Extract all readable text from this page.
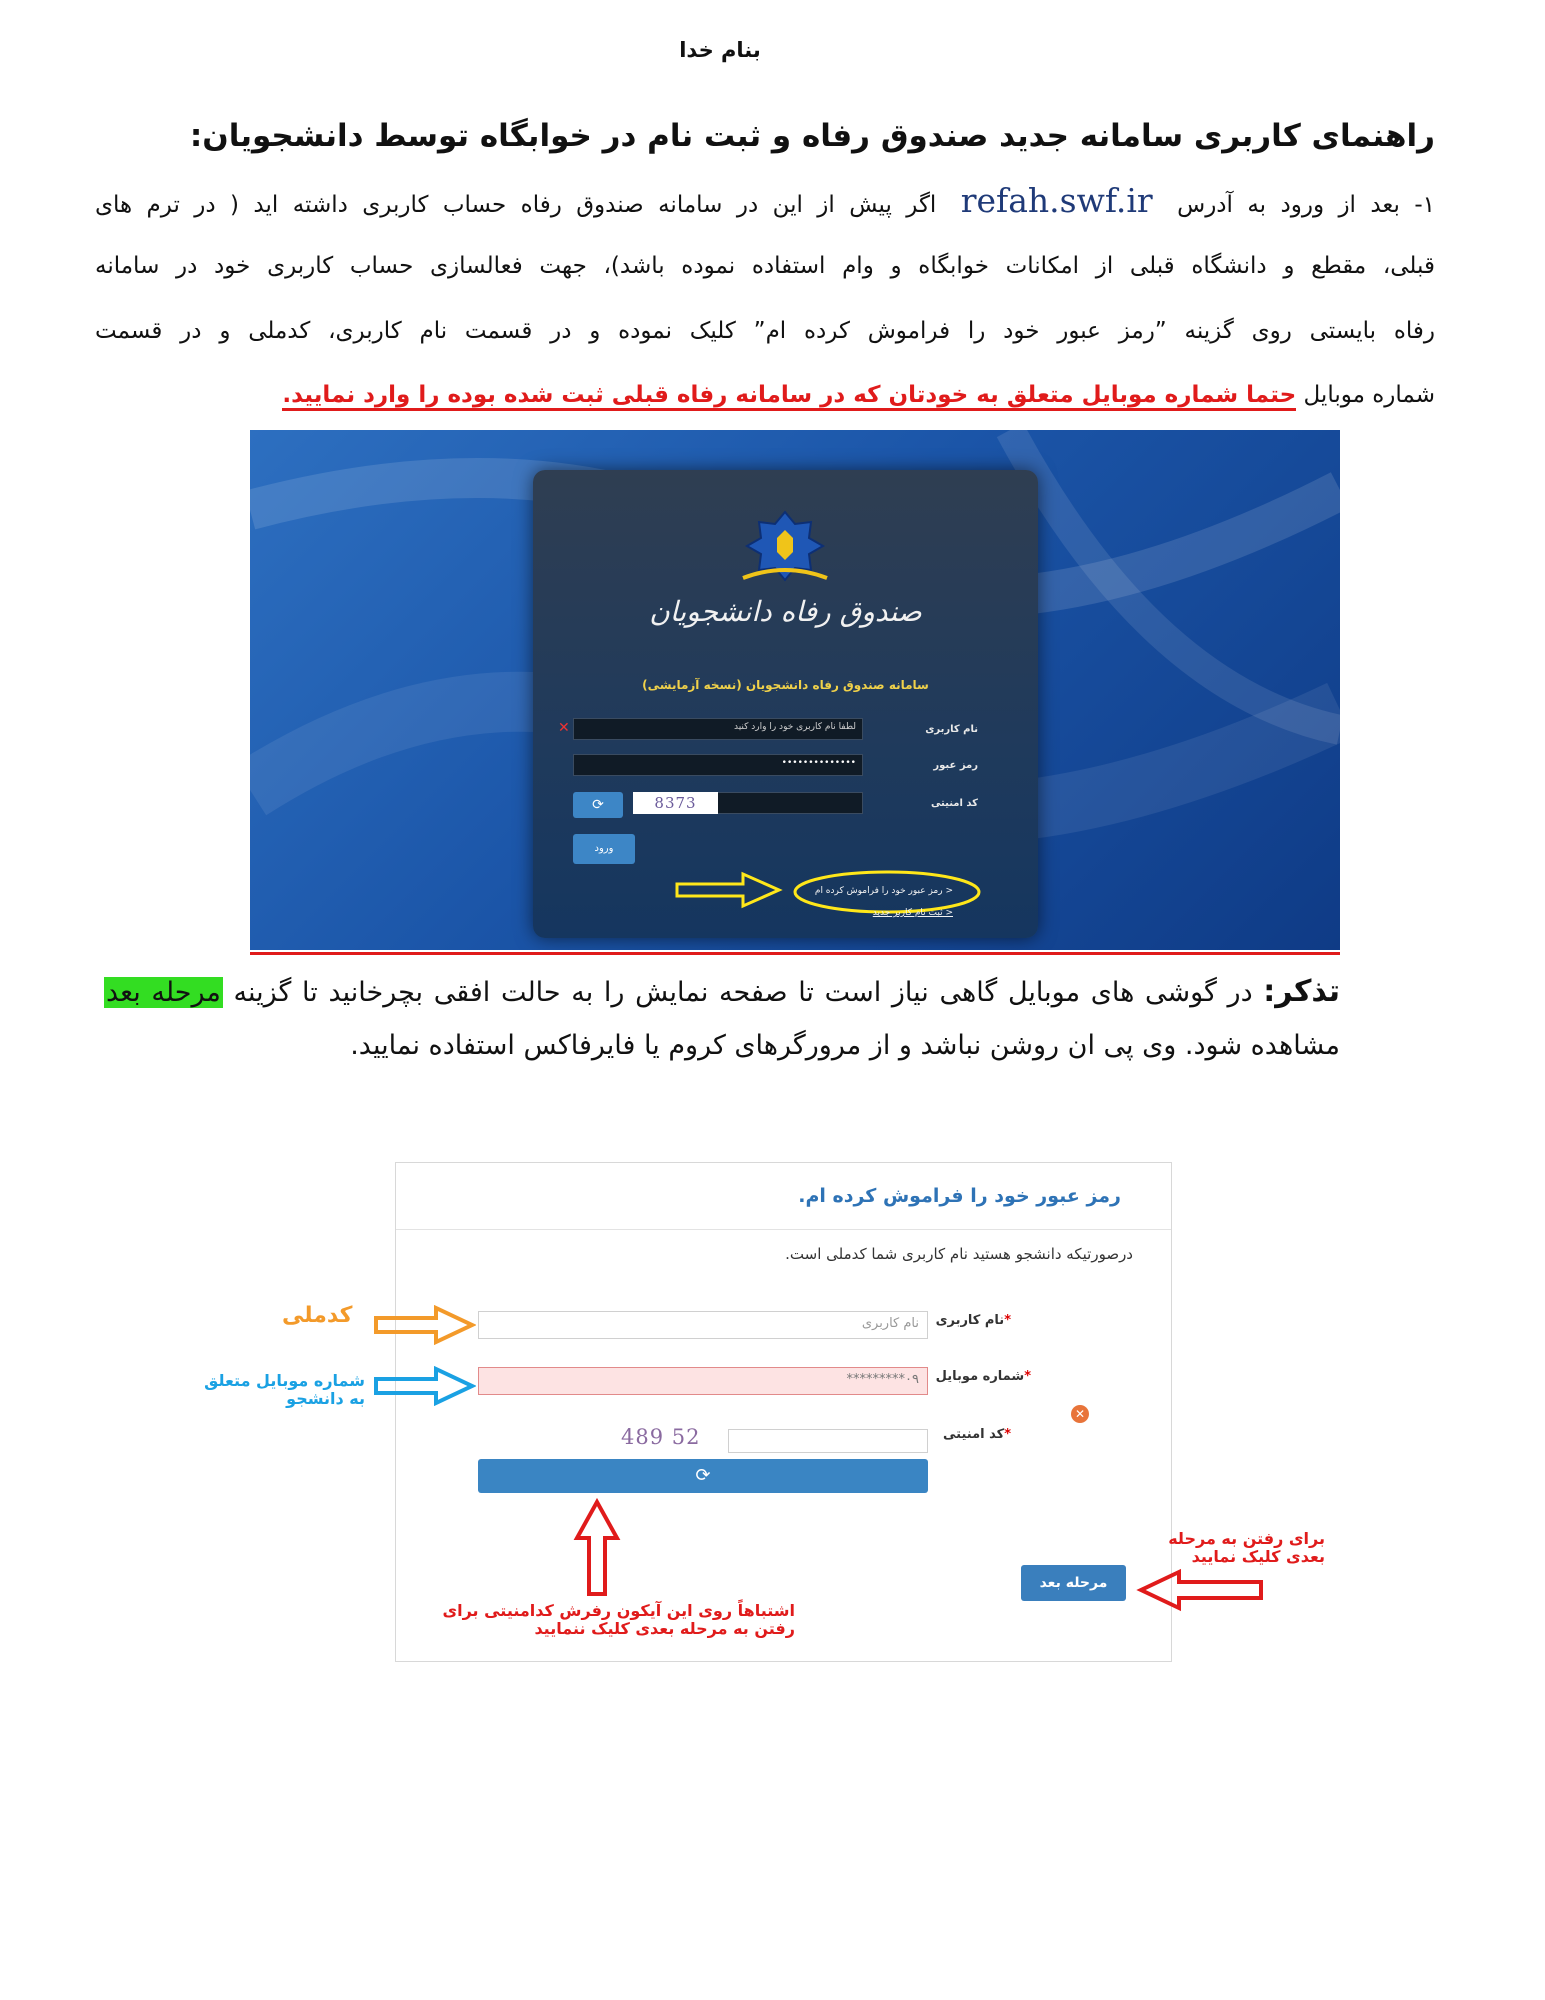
بنام خدا
راهنمای کاربری سامانه جدید صندوق رفاه و ثبت نام در خوابگاه توسط دانشجویان:
۱- بعد از ورود به آدرس refah.swf.ir اگر پیش از این در سامانه صندوق رفاه حساب کاربری داشته اید ( در ترم های
قبلی، مقطع و دانشگاه قبلی از امکانات خوابگاه و وام استفاده نموده باشد)، جهت فعالسازی حساب کاربری خود در سامانه
رفاه بایستی روی گزینه ”رمز عبور خود را فراموش کرده ام” کلیک نموده و در قسمت نام کاربری، کدملی و در قسمت
شماره موبایل حتما شماره موبایل متعلق به خودتان که در سامانه رفاه قبلی ثبت شده بوده را وارد نمایید.
صندوق رفاه دانشجویان
سامانه صندوق رفاه دانشجویان (نسخه آزمایشی)
نام کاربری
لطفا نام کاربری خود را وارد کنید
✕
رمز عبور
••••••••••••••
کد امنیتی
8373
⟳
ورود
< رمز عبور خود را فراموش کرده ام
< ثبت نام کاربر جدید
تذکر: در گوشی های موبایل گاهی نیاز است تا صفحه نمایش را به حالت افقی بچرخانید تا گزینه مرحله بعد
مشاهده شود. وی پی ان روشن نباشد و از مرورگرهای کروم یا فایرفاکس استفاده نمایید.
رمز عبور خود را فراموش کرده ام.
درصورتیکه دانشجو هستید نام کاربری شما کدملی است.
*نام کاربری
نام کاربری
*شماره موبایل
۰۹*********
✕
*کد امنیتی
489 52
⟳
مرحله بعد
کدملی
شماره موبایل متعلق به دانشجو
اشتباهاً روی این آیکون رفرش کدامنیتی برای رفتن به مرحله بعدی کلیک ننمایید
برای رفتن به مرحله بعدی کلیک نمایید
